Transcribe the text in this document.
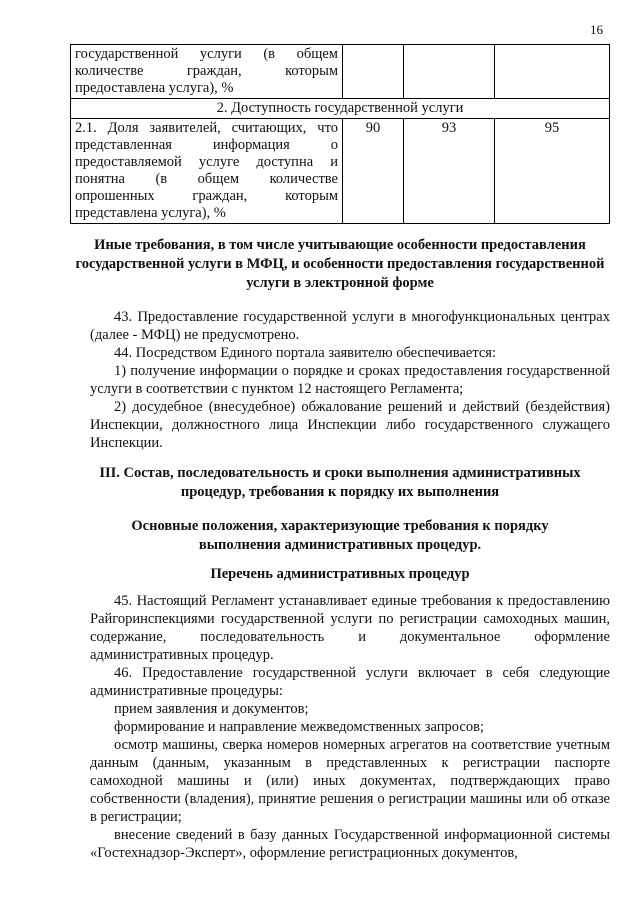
16
государственной услуги (в общем количестве граждан, которым предоставлена услуга), %			
2. Доступность государственной услуги			
2.1. Доля заявителей, считающих, что представленная информация о предоставляемой услуге доступна и понятна (в общем количестве опрошенных граждан, которым представлена услуга), %	90	93	95

Иные требования, в том числе учитывающие особенности предоставления государственной услуги в МФЦ, и особенности предоставления государственной услуги в электронной форме

43. Предоставление государственной услуги в многофункциональных центрах (далее - МФЦ) не предусмотрено.

44. Посредством Единого портала заявителю обеспечивается:

1) получение информации о порядке и сроках предоставления государственной услуги в соответствии с пунктом 12 настоящего Регламента;

2) досудебное (внесудебное) обжалование решений и действий (бездействия) Инспекции, должностного лица Инспекции либо государственного служащего Инспекции.

III. Состав, последовательность и сроки выполнения административных процедур, требования к порядку их выполнения

Основные положения, характеризующие требования к порядку выполнения административных процедур.

Перечень административных процедур

45. Настоящий Регламент устанавливает единые требования к предоставлению Райгоринспекциями государственной услуги по регистрации самоходных машин, содержание, последовательность и документальное оформление административных процедур.

46. Предоставление государственной услуги включает в себя следующие административные процедуры:

прием заявления и документов;

формирование и направление межведомственных запросов;

осмотр машины, сверка номеров номерных агрегатов на соответствие учетным данным (данным, указанным в представленных к регистрации паспорте самоходной машины и (или) иных документах, подтверждающих право собственности (владения), принятие решения о регистрации машины или об отказе в регистрации;

внесение сведений в базу данных Государственной информационной системы «Гостехнадзор-Эксперт», оформление регистрационных документов,
